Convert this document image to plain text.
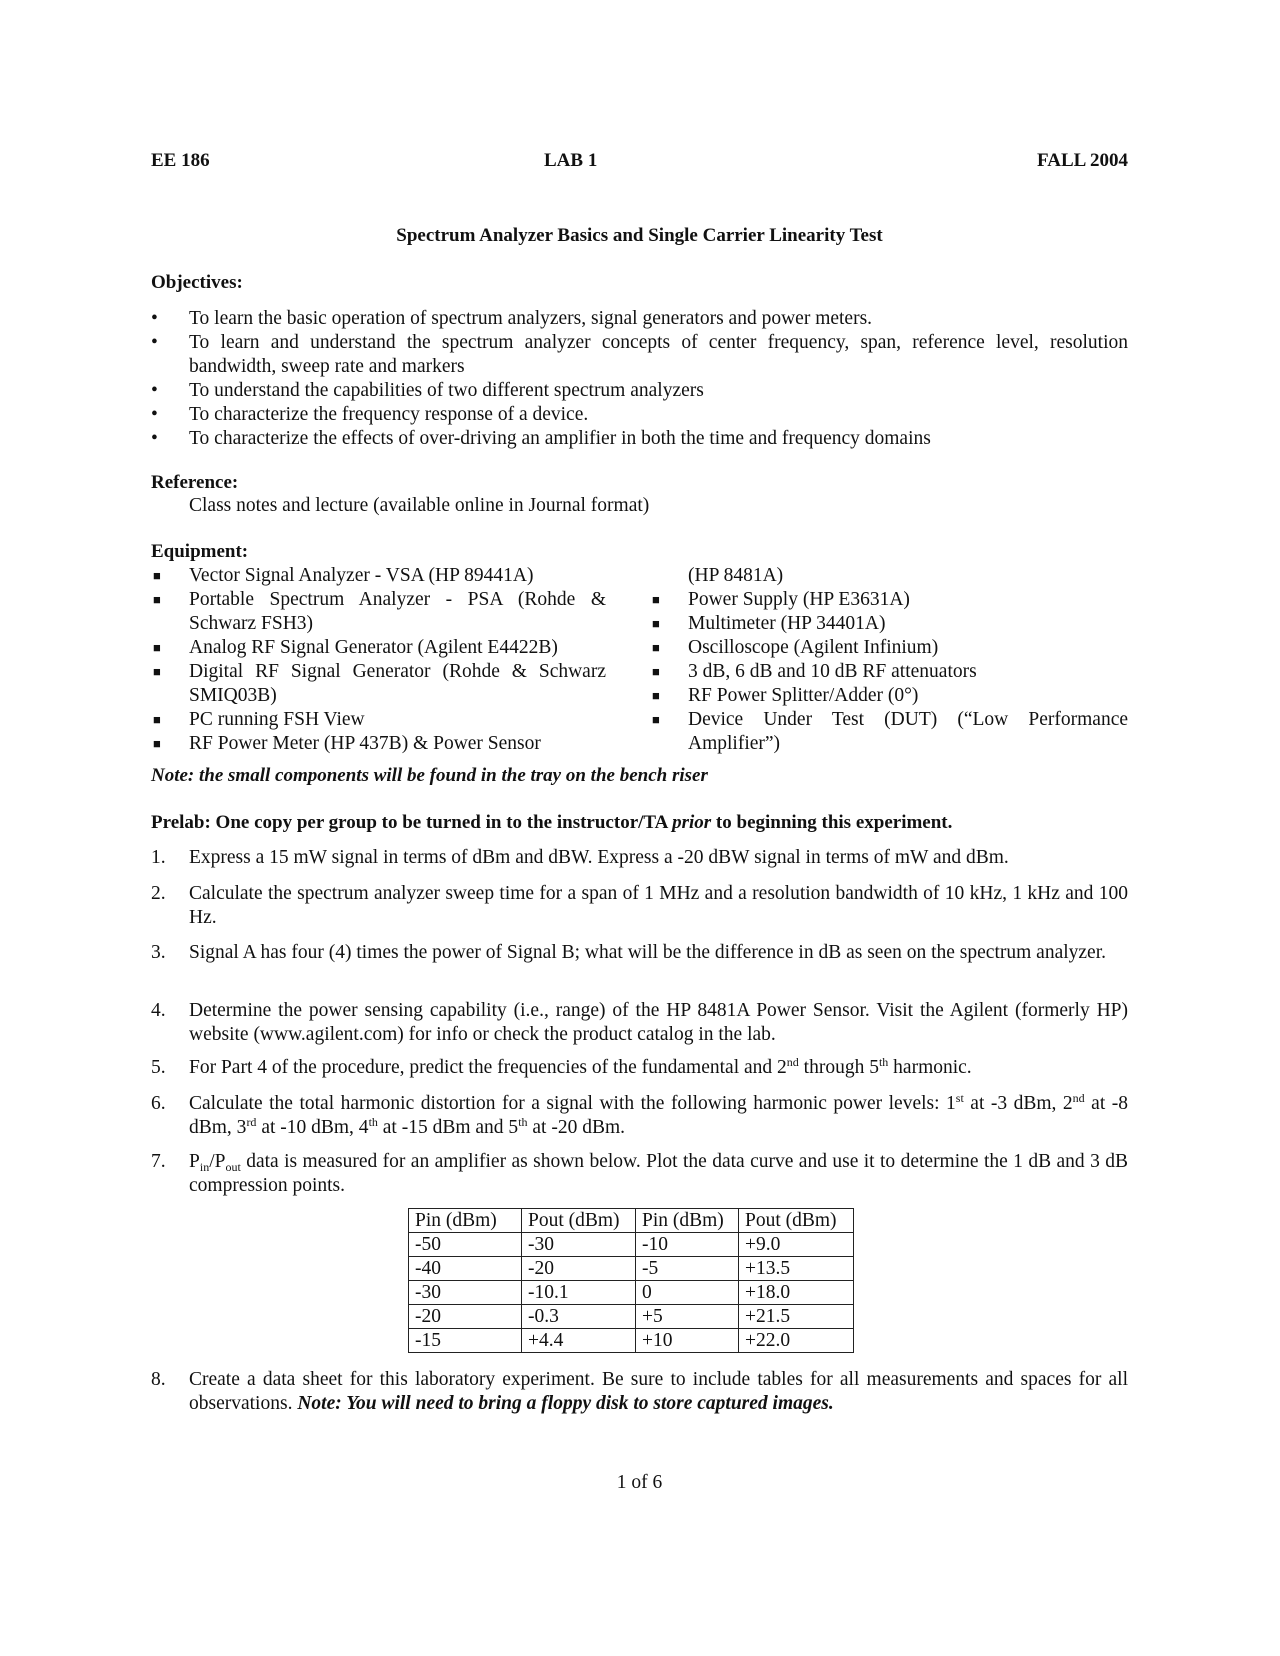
EE 186	LAB 1	FALL 2004
Spectrum Analyzer Basics and Single Carrier Linearity Test
Objectives:
• To learn the basic operation of spectrum analyzers, signal generators and power meters.
• To learn and understand the spectrum analyzer concepts of center frequency, span, reference level, resolution bandwidth, sweep rate and markers
• To understand the capabilities of two different spectrum analyzers
• To characterize the frequency response of a device.
• To characterize the effects of over-driving an amplifier in both the time and frequency domains
Reference:
Class notes and lecture (available online in Journal format)
Equipment:
■ Vector Signal Analyzer - VSA (HP 89441A)
■ Portable Spectrum Analyzer - PSA (Rohde & Schwarz FSH3)
■ Analog RF Signal Generator (Agilent E4422B)
■ Digital RF Signal Generator (Rohde & Schwarz SMIQ03B)
■ PC running FSH View
■ RF Power Meter (HP 437B) & Power Sensor
(HP 8481A)
■ Power Supply (HP E3631A)
■ Multimeter (HP 34401A)
■ Oscilloscope (Agilent Infinium)
■ 3 dB, 6 dB and 10 dB RF attenuators
■ RF Power Splitter/Adder (0°)
■ Device Under Test (DUT) (“Low Performance Amplifier”)
Note: the small components will be found in the tray on the bench riser
Prelab: One copy per group to be turned in to the instructor/TA prior to beginning this experiment.
1. Express a 15 mW signal in terms of dBm and dBW. Express a -20 dBW signal in terms of mW and dBm.
2. Calculate the spectrum analyzer sweep time for a span of 1 MHz and a resolution bandwidth of 10 kHz, 1 kHz and 100 Hz.
3. Signal A has four (4) times the power of Signal B; what will be the difference in dB as seen on the spectrum analyzer.
4. Determine the power sensing capability (i.e., range) of the HP 8481A Power Sensor. Visit the Agilent (formerly HP) website (www.agilent.com) for info or check the product catalog in the lab.
5. For Part 4 of the procedure, predict the frequencies of the fundamental and 2nd through 5th harmonic.
6. Calculate the total harmonic distortion for a signal with the following harmonic power levels: 1st at -3 dBm, 2nd at -8 dBm, 3rd at -10 dBm, 4th at -15 dBm and 5th at -20 dBm.
7. $P_{in}/P_{out}$ data is measured for an amplifier as shown below. Plot the data curve and use it to determine the 1 dB and 3 dB compression points.
Pin (dBm)	Pout (dBm)	Pin (dBm)	Pout (dBm)
-50	-30	-10	+9.0
-40	-20	-5	+13.5
-30	-10.1	0	+18.0
-20	-0.3	+5	+21.5
-15	+4.4	+10	+22.0
8. Create a data sheet for this laboratory experiment. Be sure to include tables for all measurements and spaces for all observations. Note: You will need to bring a floppy disk to store captured images.
1 of 6
